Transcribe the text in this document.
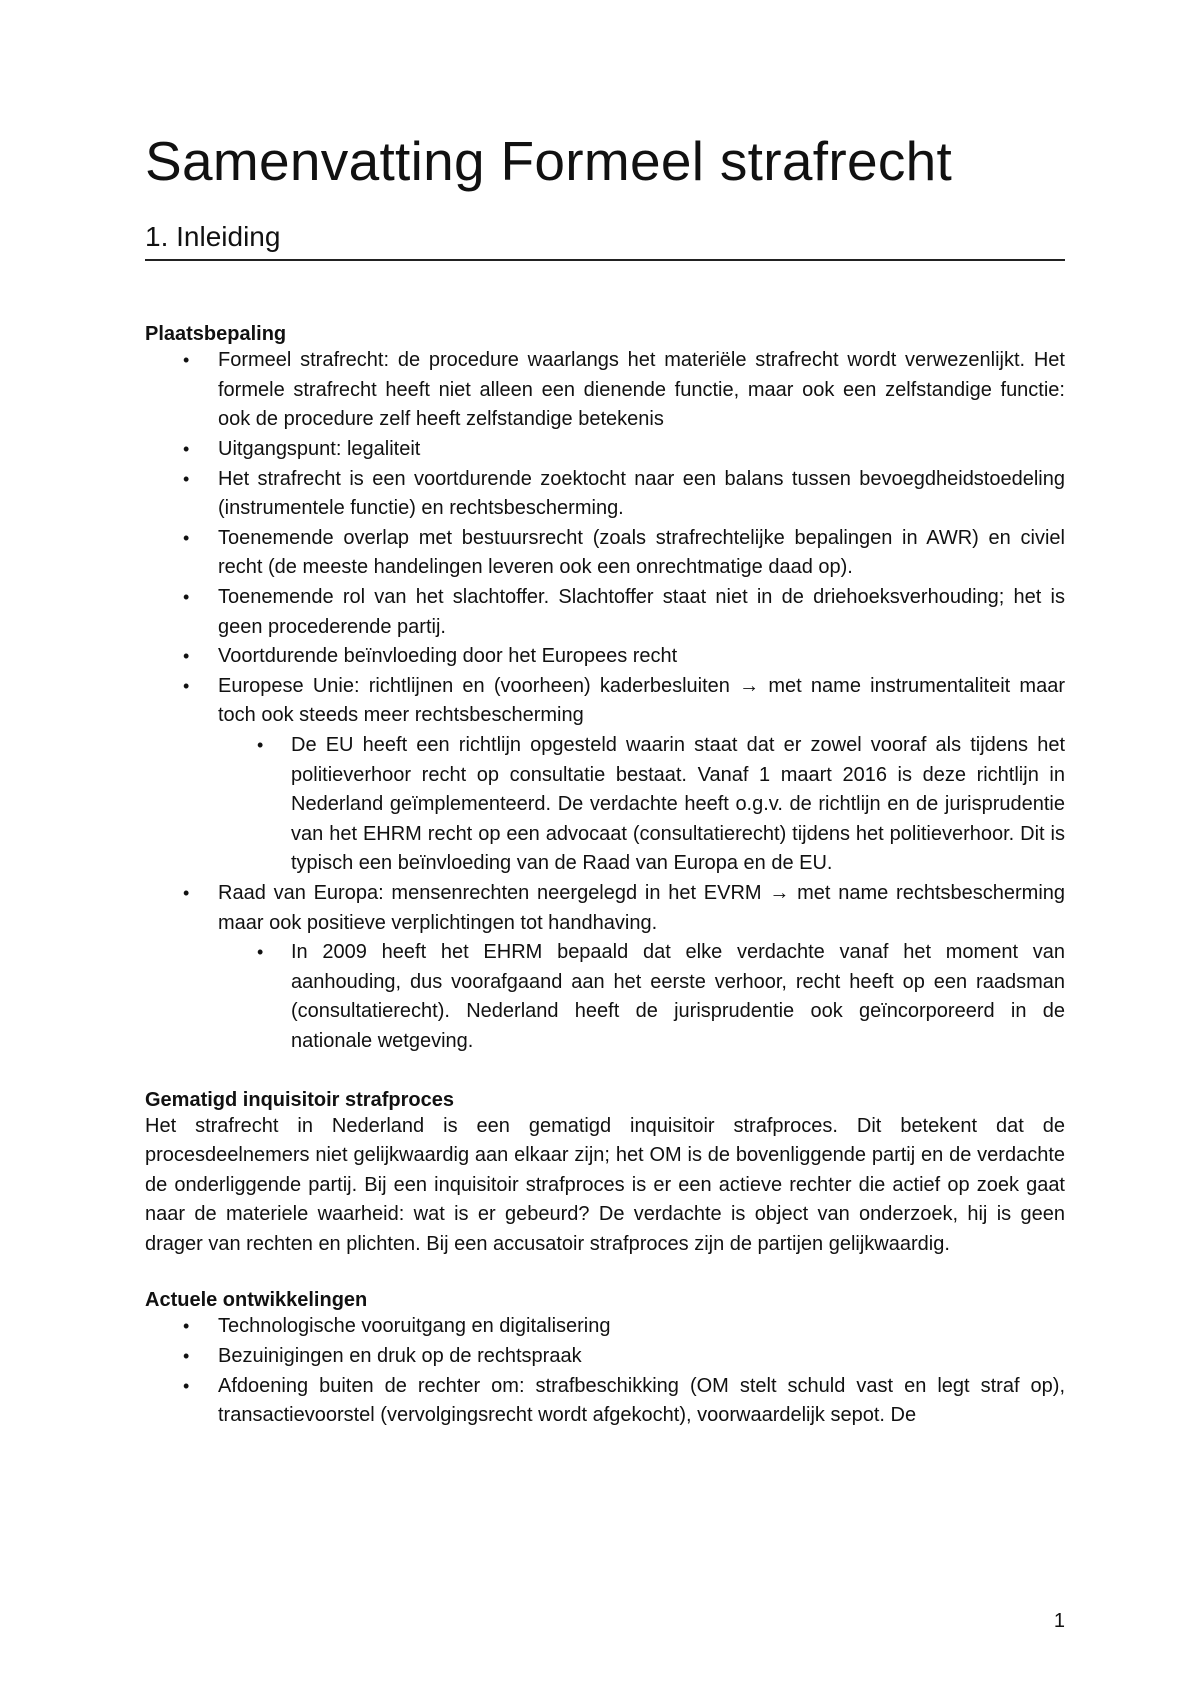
Samenvatting Formeel strafrecht
1. Inleiding
Plaatsbepaling
• Formeel strafrecht: de procedure waarlangs het materiële strafrecht wordt verwezenlijkt. Het formele strafrecht heeft niet alleen een dienende functie, maar ook een zelfstandige functie: ook de procedure zelf heeft zelfstandige betekenis
• Uitgangspunt: legaliteit
• Het strafrecht is een voortdurende zoektocht naar een balans tussen bevoegdheidstoedeling (instrumentele functie) en rechtsbescherming.
• Toenemende overlap met bestuursrecht (zoals strafrechtelijke bepalingen in AWR) en civiel recht (de meeste handelingen leveren ook een onrechtmatige daad op).
• Toenemende rol van het slachtoffer. Slachtoffer staat niet in de driehoeksverhouding; het is geen procederende partij.
• Voortdurende beïnvloeding door het Europees recht
• Europese Unie: richtlijnen en (voorheen) kaderbesluiten → met name instrumentaliteit maar toch ook steeds meer rechtsbescherming
• De EU heeft een richtlijn opgesteld waarin staat dat er zowel vooraf als tijdens het politieverhoor recht op consultatie bestaat. Vanaf 1 maart 2016 is deze richtlijn in Nederland geïmplementeerd. De verdachte heeft o.g.v. de richtlijn en de jurisprudentie van het EHRM recht op een advocaat (consultatierecht) tijdens het politieverhoor. Dit is typisch een beïnvloeding van de Raad van Europa en de EU.
• Raad van Europa: mensenrechten neergelegd in het EVRM → met name rechtsbescherming maar ook positieve verplichtingen tot handhaving.
• In 2009 heeft het EHRM bepaald dat elke verdachte vanaf het moment van aanhouding, dus voorafgaand aan het eerste verhoor, recht heeft op een raadsman (consultatierecht). Nederland heeft de jurisprudentie ook geïncorporeerd in de nationale wetgeving.
Gematigd inquisitoir strafproces

Het strafrecht in Nederland is een gematigd inquisitoir strafproces. Dit betekent dat de procesdeelnemers niet gelijkwaardig aan elkaar zijn; het OM is de bovenliggende partij en de verdachte de onderliggende partij. Bij een inquisitoir strafproces is er een actieve rechter die actief op zoek gaat naar de materiele waarheid: wat is er gebeurd? De verdachte is object van onderzoek, hij is geen drager van rechten en plichten. Bij een accusatoir strafproces zijn de partijen gelijkwaardig.

Actuele ontwikkelingen
• Technologische vooruitgang en digitalisering
• Bezuinigingen en druk op de rechtspraak
• Afdoening buiten de rechter om: strafbeschikking (OM stelt schuld vast en legt straf op), transactievoorstel (vervolgingsrecht wordt afgekocht), voorwaardelijk sepot. De
1
